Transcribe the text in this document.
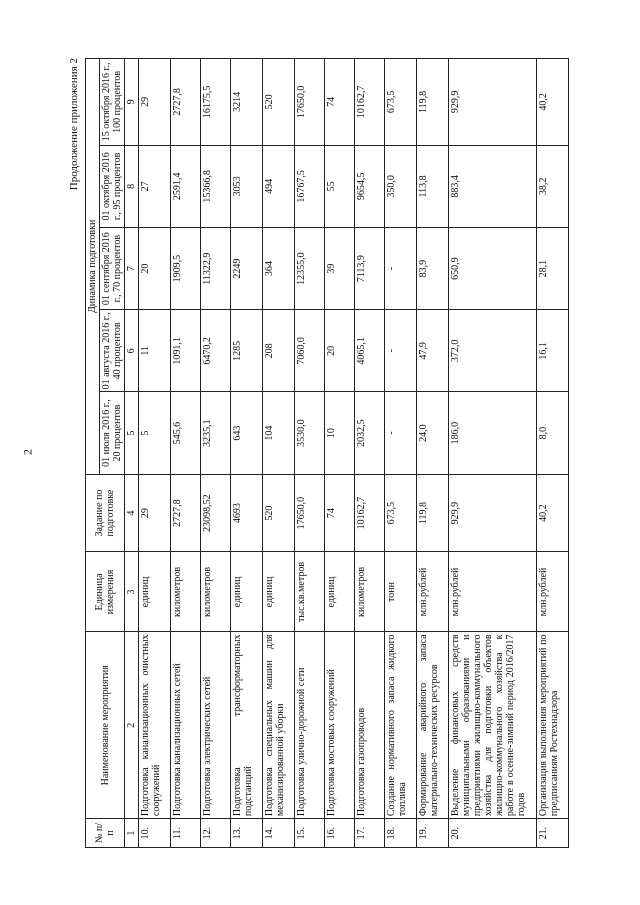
2
Продолжение приложения 2
№ п/п	Наименование мероприятия	Единица измерения	Задание по подготовке	Динамика подготовки				
				01 июля 2016 г., 20 процентов	01 августа 2016 г., 40 процентов	01 сентября 2016 г., 70 процентов	01 октября 2016 г., 95 процентов	15 октября 2016 г., 100 процентов
1	2	3	4	5	6	7	8	9
10.	Подготовка канализационных очистных сооружений	единиц	29	5	11	20	27	29
11.	Подготовка канализационных сетей	километров	2727,8	545,6	1091,1	1909,5	2591,4	2727,8
12.	Подготовка электрических сетей	километров	23098,52	3235,1	6470,2	11322,9	15366,8	16175,5
13.	Подготовка трансформаторных подстанций	единиц	4693	643	1285	2249	3053	3214
14.	Подготовка специальных машин для механизированной уборки	единиц	520	104	208	364	494	520
15.	Подготовка улично-дорожной сети	тыс.кв.метров	17650,0	3530,0	7060,0	12355,0	16767,5	17650,0
16.	Подготовка мостовых сооружений	единиц	74	10	20	39	55	74
17.	Подготовка газопроводов	километров	10162,7	2032,5	4065,1	7113,9	9654,5	10162,7
18.	Создание нормативного запаса жидкого топлива	тонн	673,5	-	-	-	350,0	673,5
19.	Формирование аварийного запаса материально-технических ресурсов	млн.рублей	119,8	24,0	47,9	83,9	113,8	119,8
20.	Выделение финансовых средств муниципальными образованиями и предприятиями жилищно-коммунального хозяйства для подготовки объектов жилищно-коммунального хозяйства к работе в осенне-зимний период 2016/2017 годов	млн.рублей	929,9	186,0	372,0	650,9	883,4	929,9
21.	Организация выполнения мероприятий по предписаниям Ростехнадзора	млн.рублей	40,2	8,0	16,1	28,1	38,2	40,2
